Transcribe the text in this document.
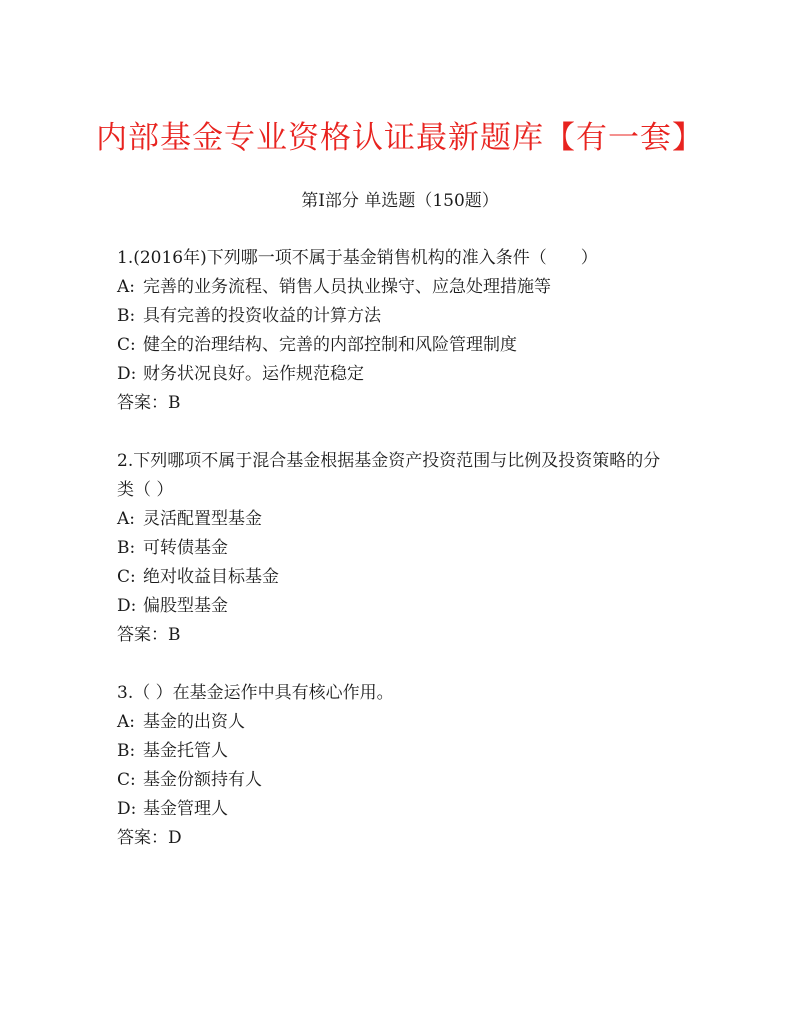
内部基金专业资格认证最新题库【有一套】
第I部分 单选题（150题）
1.(2016年)下列哪一项不属于基金销售机构的准入条件（　　）
A: 完善的业务流程、销售人员执业操守、应急处理措施等
B: 具有完善的投资收益的计算方法
C: 健全的治理结构、完善的内部控制和风险管理制度
D: 财务状况良好。运作规范稳定
答案：B
2.下列哪项不属于混合基金根据基金资产投资范围与比例及投资策略的分类（ ）
A: 灵活配置型基金
B: 可转债基金
C: 绝对收益目标基金
D: 偏股型基金
答案：B
3.（ ）在基金运作中具有核心作用。
A: 基金的出资人
B: 基金托管人
C: 基金份额持有人
D: 基金管理人
答案：D
